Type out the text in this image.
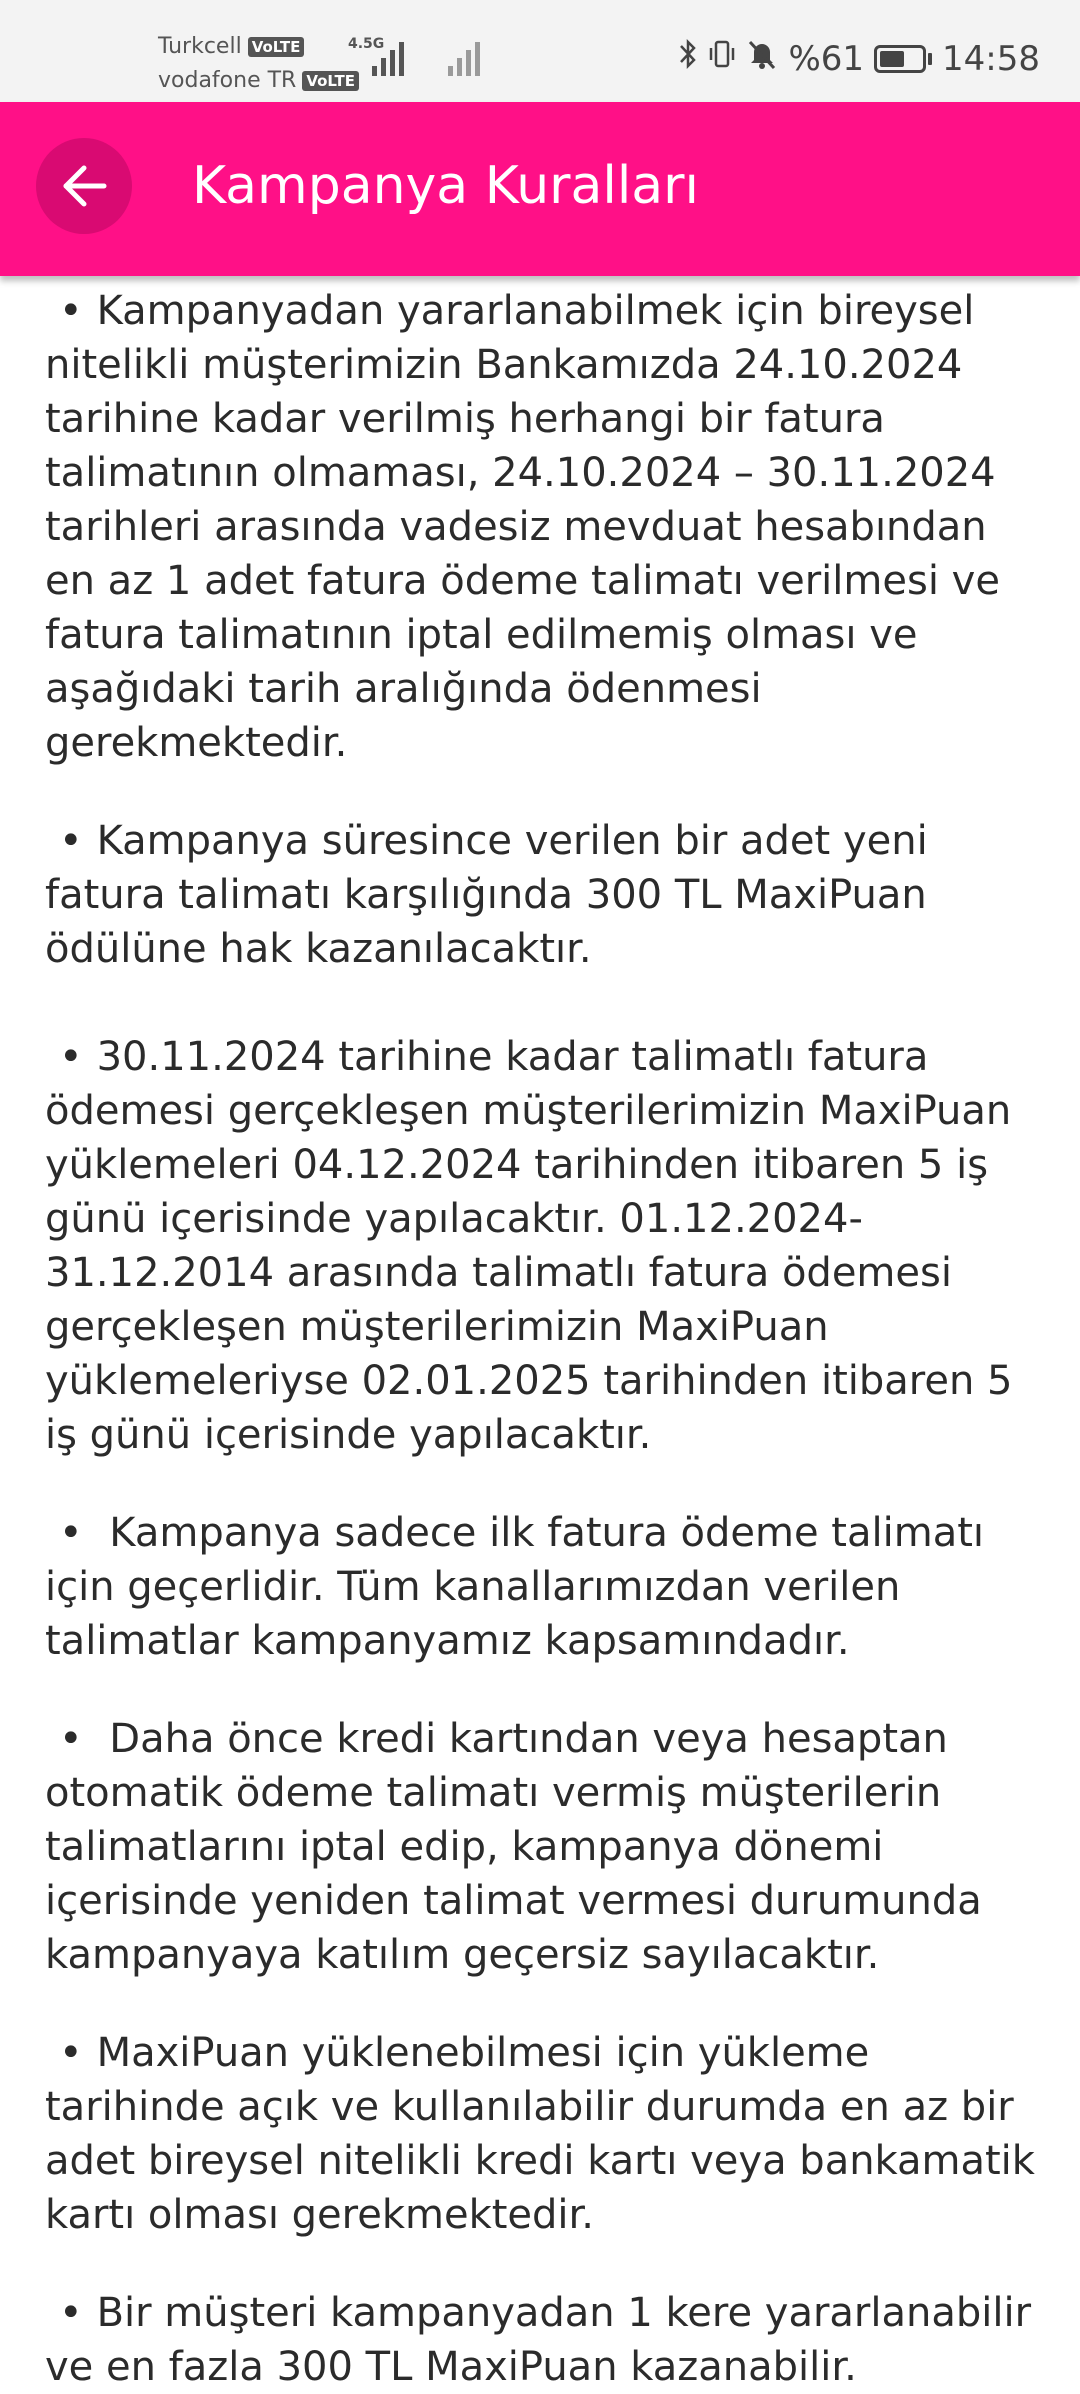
Turkcell VoLTE
vodafone TR VoLTE
4.5G	%61 14:58
Kampanya Kuralları

• Kampanyadan yararlanabilmek için bireysel nitelikli müşterimizin Bankamızda 24.10.2024 tarihine kadar verilmiş herhangi bir fatura talimatının olmaması, 24.10.2024 – 30.11.2024 tarihleri arasında vadesiz mevduat hesabından en az 1 adet fatura ödeme talimatı verilmesi ve fatura talimatının iptal edilmemiş olması ve aşağıdaki tarih aralığında ödenmesi gerekmektedir.

• Kampanya süresince verilen bir adet yeni fatura talimatı karşılığında 300 TL MaxiPuan ödülüne hak kazanılacaktır.

• 30.11.2024 tarihine kadar talimatlı fatura ödemesi gerçekleşen müşterilerimizin MaxiPuan yüklemeleri 04.12.2024 tarihinden itibaren 5 iş günü içerisinde yapılacaktır. 01.12.2024-31.12.2014 arasında talimatlı fatura ödemesi gerçekleşen müşterilerimizin MaxiPuan yüklemeleriyse 02.01.2025 tarihinden itibaren 5 iş günü içerisinde yapılacaktır.

• Kampanya sadece ilk fatura ödeme talimatı için geçerlidir. Tüm kanallarımızdan verilen talimatlar kampanyamız kapsamındadır.

• Daha önce kredi kartından veya hesaptan otomatik ödeme talimatı vermiş müşterilerin talimatlarını iptal edip, kampanya dönemi içerisinde yeniden talimat vermesi durumunda kampanyaya katılım geçersiz sayılacaktır.

• MaxiPuan yüklenebilmesi için yükleme tarihinde açık ve kullanılabilir durumda en az bir adet bireysel nitelikli kredi kartı veya bankamatik kartı olması gerekmektedir.

• Bir müşteri kampanyadan 1 kere yararlanabilir ve en fazla 300 TL MaxiPuan kazanabilir.
